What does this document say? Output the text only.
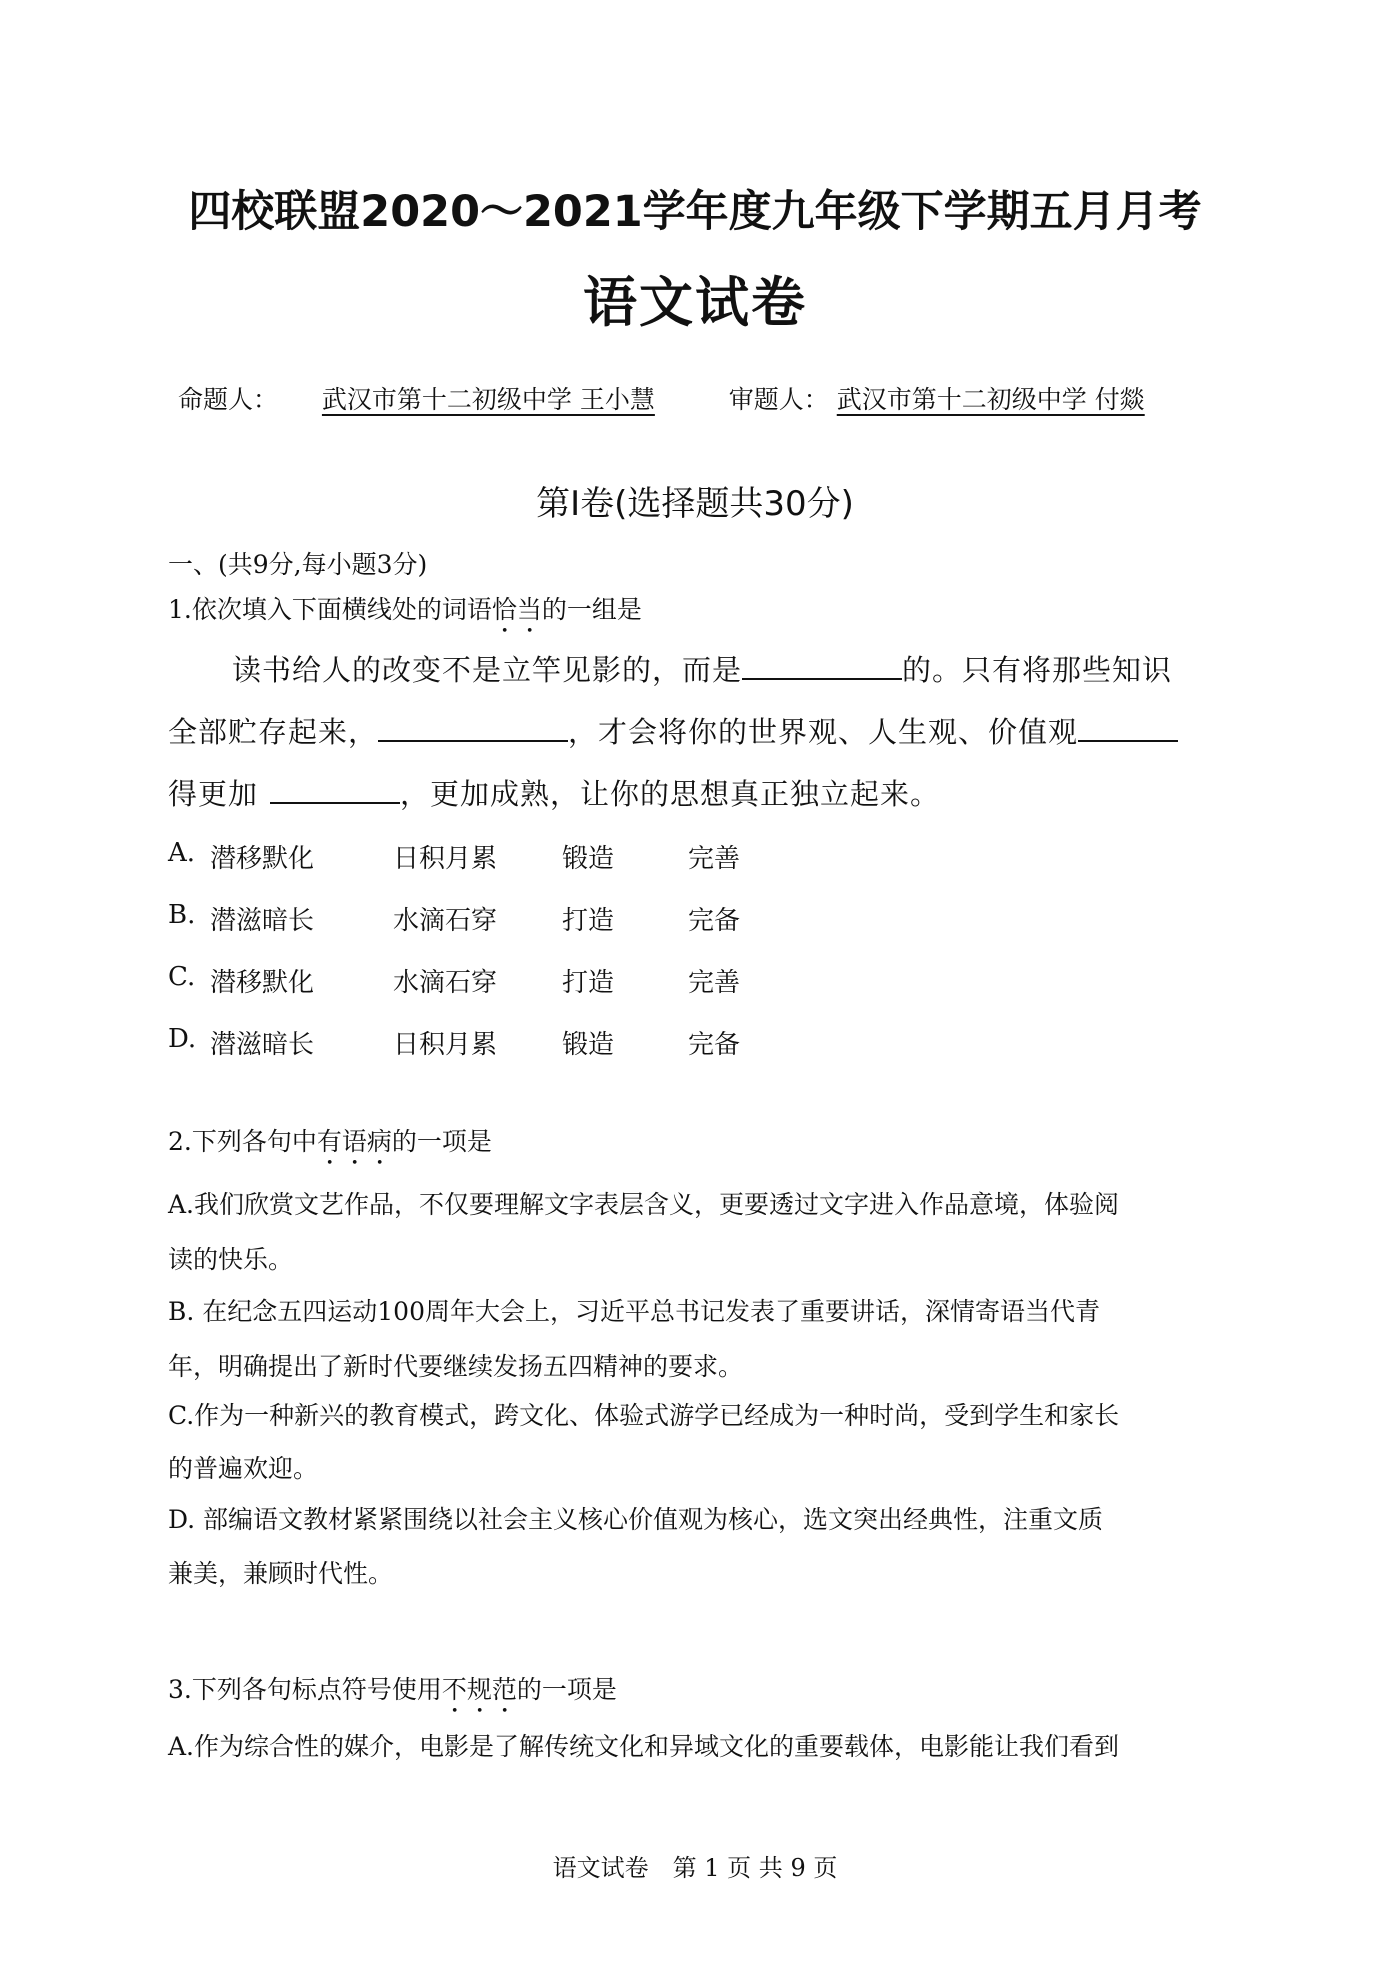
四校联盟2020～2021学年度九年级下学期五月月考
语文试卷
命题人： 武汉市第十二初级中学 王小慧	审题人： 武汉市第十二初级中学 付燚
第Ⅰ卷(选择题共30分)
一、(共9分,每小题3分)
1.依次填入下面横线处的词语恰当的一组是
读书给人的改变不是立竿见影的，而是	的。只有将那些知识
全部贮存起来，	，才会将你的世界观、人生观、价值观
得更加	，更加成熟，让你的思想真正独立起来。
A. 潜移默化	日积月累 锻造	完善
B. 潜滋暗长	水滴石穿 打造	完备
C. 潜移默化	水滴石穿 打造	完善
D. 潜滋暗长	日积月累 锻造	完备
2.下列各句中有语病的一项是
A.我们欣赏文艺作品，不仅要理解文字表层含义，更要透过文字进入作品意境，体验阅
读的快乐。
B. 在纪念五四运动100周年大会上，习近平总书记发表了重要讲话，深情寄语当代青
年，明确提出了新时代要继续发扬五四精神的要求。
C.作为一种新兴的教育模式，跨文化、体验式游学已经成为一种时尚，受到学生和家长
的普遍欢迎。
D. 部编语文教材紧紧围绕以社会主义核心价值观为核心，选文突出经典性，注重文质
兼美，兼顾时代性。
3.下列各句标点符号使用不规范的一项是
A.作为综合性的媒介，电影是了解传统文化和异域文化的重要载体，电影能让我们看到
语文试卷　第 1 页 共 9 页
